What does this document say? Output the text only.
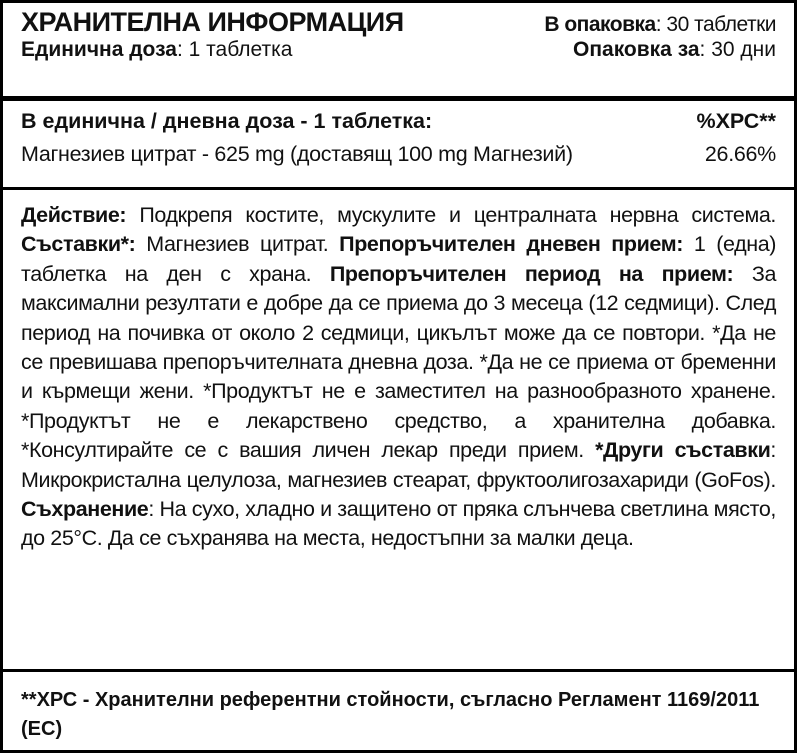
ХРАНИТЕЛНА ИНФОРМАЦИЯ	В опаковка: 30 таблетки
Единична доза: 1 таблетка	Опаковка за: 30 дни
В единична / дневна доза - 1 таблетка:	%ХРС**
Магнезиев цитрат - 625 mg (доставящ 100 mg Магнезий)	26.66%
Действие: Подкрепя костите, мускулите и централната нервна система. Съставки*: Магнезиев цитрат. Препоръчителен дневен прием: 1 (една) таблетка на ден с храна. Препоръчителен период на прием: За максимални резултати е добре да се приема до 3 месеца (12 седмици). След период на почивка от около 2 седмици, цикълът може да се повтори. *Да не се превишава препоръчителната дневна доза. *Да не се приема от бременни и кърмещи жени. *Продуктът не е заместител на разнообразното хранене. *Продуктът не е лекарствено средство, а хранителна добавка. *Консултирайте се с вашия личен лекар преди прием. *Други съставки: Микрокристална целулоза, магнезиев стеарат, фруктоолигозахариди (GoFos). Съхранение: На сухо, хладно и защитено от пряка слънчева светлина място, до 25°C. Да се съхранява на места, недостъпни за малки деца.
**ХРС - Хранителни референтни стойности, съгласно Регламент 1169/2011 (ЕС)
